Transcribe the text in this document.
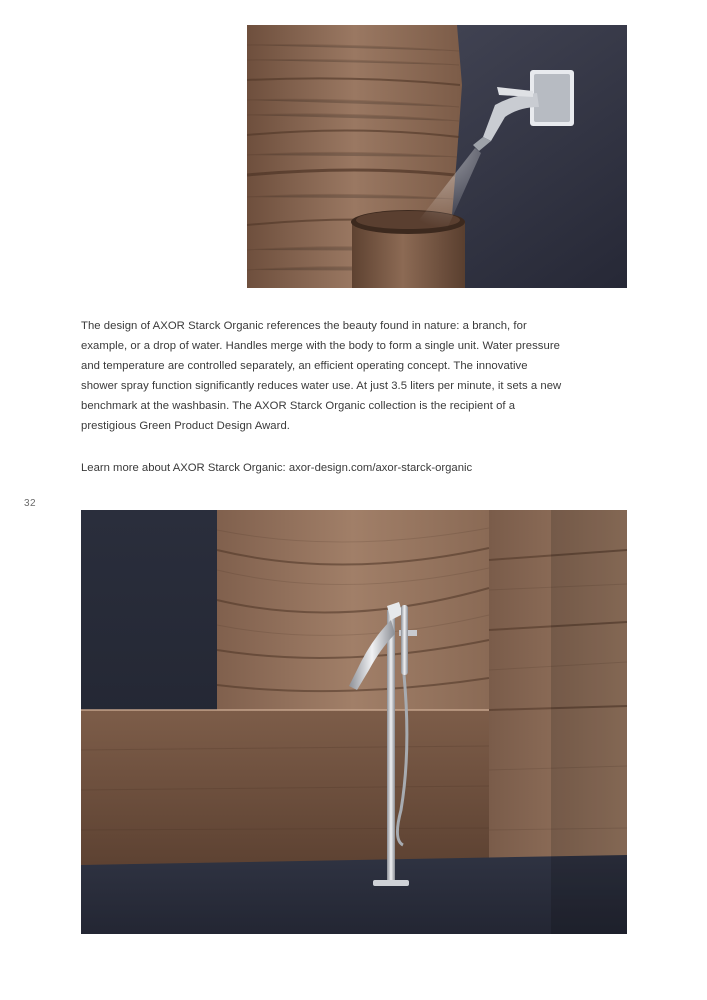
The design of AXOR Starck Organic references the beauty found in nature: a branch, for
example, or a drop of water. Handles merge with the body to form a single unit. Water pressure
and temperature are controlled separately, an efficient operating concept. The innovative
shower spray function significantly reduces water use. At just 3.5 liters per minute, it sets a new
benchmark at the washbasin. The AXOR Starck Organic collection is the recipient of a
prestigious Green Product Design Award.

Learn more about AXOR Starck Organic: axor-design.com/axor-starck-organic

32
